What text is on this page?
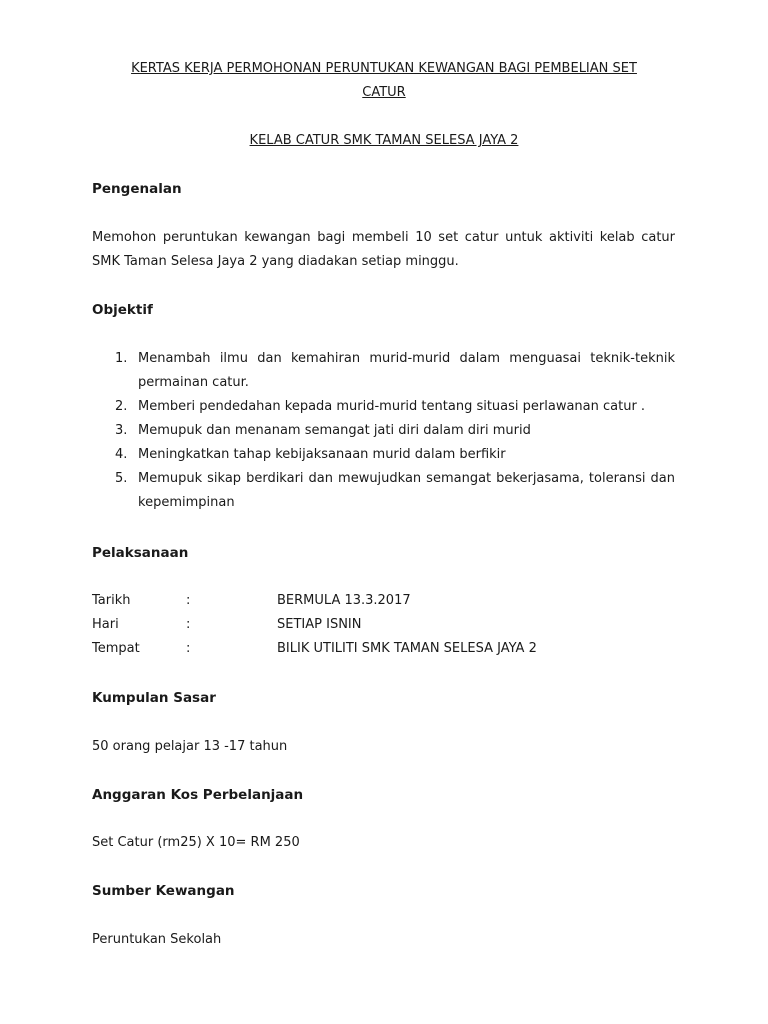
KERTAS KERJA PERMOHONAN PERUNTUKAN KEWANGAN BAGI PEMBELIAN SET
CATUR
KELAB CATUR SMK TAMAN SELESA JAYA 2
Pengenalan
Memohon peruntukan kewangan bagi membeli 10 set catur untuk aktiviti kelab catur SMK Taman Selesa Jaya 2 yang diadakan setiap minggu.
Objektif
1. Menambah ilmu dan kemahiran murid-murid dalam menguasai teknik-teknik permainan catur.
2. Memberi pendedahan kepada murid-murid tentang situasi perlawanan catur .
3. Memupuk dan menanam semangat jati diri dalam diri murid
4. Meningkatkan tahap kebijaksanaan murid dalam berfikir
5. Memupuk sikap berdikari dan mewujudkan semangat bekerjasama, toleransi dan kepemimpinan
Pelaksanaan
Tarikh	:	BERMULA 13.3.2017
Hari	:	SETIAP ISNIN
Tempat	:	BILIK UTILITI SMK TAMAN SELESA JAYA 2
Kumpulan Sasar
50 orang pelajar 13 -17 tahun
Anggaran Kos Perbelanjaan
Set Catur (rm25) X 10= RM 250
Sumber Kewangan
Peruntukan Sekolah
